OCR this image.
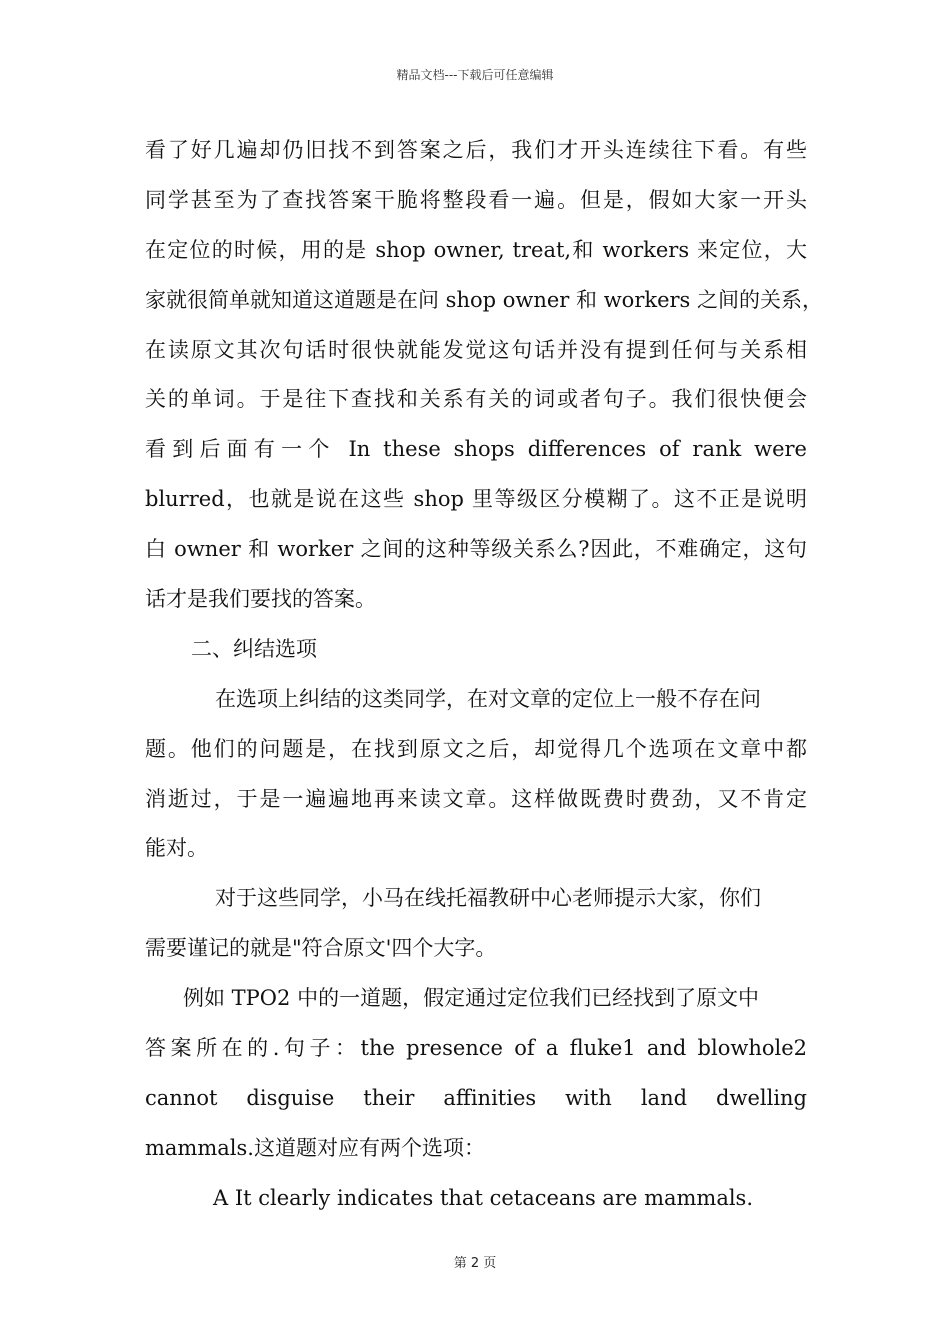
精品文档---下载后可任意编辑
看了好几遍却仍旧找不到答案之后，我们才开头连续往下看。有些
同学甚至为了查找答案干脆将整段看一遍。但是，假如大家一开头
在定位的时候，用的是 shop owner, treat,和 workers 来定位，大
家就很简单就知道这道题是在问 shop owner 和 workers 之间的关系，
在读原文其次句话时很快就能发觉这句话并没有提到任何与关系相
关的单词。于是往下查找和关系有关的词或者句子。我们很快便会
看到后面有一个 In these shops differences of rank were
blurred，也就是说在这些 shop 里等级区分模糊了。这不正是说明
白 owner 和 worker 之间的这种等级关系么?因此，不难确定，这句
话才是我们要找的答案。
二、纠结选项
在选项上纠结的这类同学，在对文章的定位上一般不存在问
题。他们的问题是，在找到原文之后，却觉得几个选项在文章中都
消逝过，于是一遍遍地再来读文章。这样做既费时费劲，又不肯定
能对。
对于这些同学，小马在线托福教研中心老师提示大家，你们
需要谨记的就是"符合原文'四个大字。
例如 TPO2 中的一道题，假定通过定位我们已经找到了原文中
答案所在的.句子：the presence of a fluke1 and blowhole2
cannot disguise their affinities with land dwelling
mammals.这道题对应有两个选项：
A It clearly indicates that cetaceans are mammals.
第 2 页
